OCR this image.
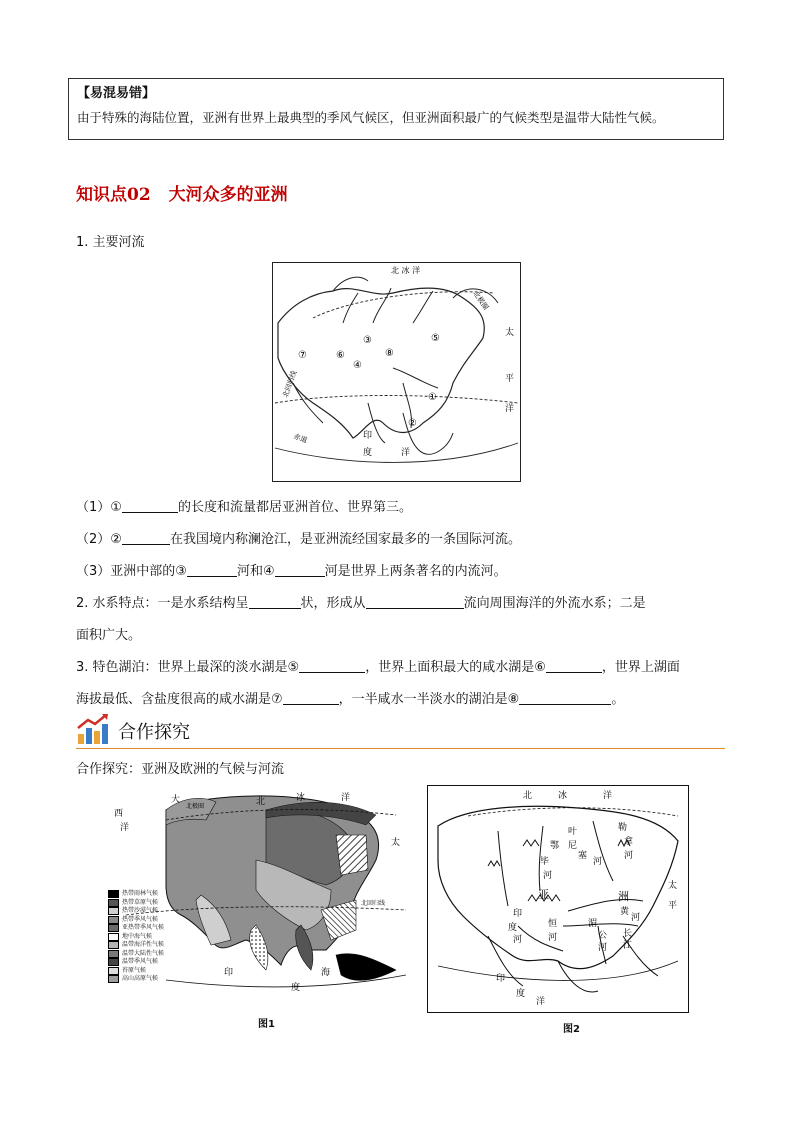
【易混易错】
由于特殊的海陆位置，亚洲有世界上最典型的季风气候区，但亚洲面积最广的气候类型是温带大陆性气候。
知识点02 大河众多的亚洲
1. 主要河流
北 冰 洋
北极圈
太
平
洋
北回归线
赤道	印
度	洋
①
②
③
④
⑤
⑥
⑦	⑧
（1）①	的长度和流量都居亚洲首位、世界第三。
（2）②	在我国境内称澜沧江，是亚洲流经国家最多的一条国际河流。
（3）亚洲中部的③	河和④	河是世界上两条著名的内流河。
2. 水系特点：一是水系结构呈	状，形成从	流向周围海洋的外流水系；二是
面积广大。
3. 特色湖泊：世界上最深的淡水湖是⑤	，世界上面积最大的咸水湖是⑥	，世界上湖面
海拔最低、含盐度很高的咸水湖是⑦	，一半咸水一半淡水的湖泊是⑧	。
合作探究
合作探究：亚洲及欧洲的气候与河流
西
洋
大	北	冰	洋
北极圈
太
北回归线
印
度
海
热带雨林气候
热带草原气候
热带沙漠气候
热带季风气候
亚热带季风气候
地中海气候
温带海洋性气候
温带大陆性气候
温带季风气候
苔原气候
高山高原气候
图1
北	冰	洋
叶
尼
塞
河
勒
拿
河
鄂
毕
河
亚	洲
黄
河
长
江
印
度
河
恒
河
湄
公
河
太
平
印
度
洋
图2
